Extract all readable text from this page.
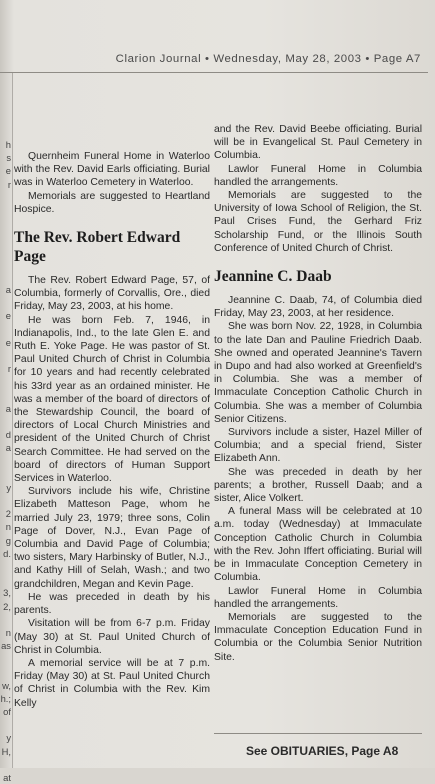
Clarion Journal • Wednesday, May 28, 2003 • Page A7
h
s
e
r
a
e
e
r
a
d
a
y
2
n
g
d.
3,
2,
n
as
w,
h.;
of
y
H,
at

Quernheim Funeral Home in Waterloo with the Rev. David Earls officiating. Burial was in Waterloo Cemetery in Waterloo.

Memorials are suggested to Heartland Hospice.

The Rev. Robert Edward Page

The Rev. Robert Edward Page, 57, of Columbia, formerly of Corvallis, Ore., died Friday, May 23, 2003, at his home.

He was born Feb. 7, 1946, in Indianapolis, Ind., to the late Glen E. and Ruth E. Yoke Page. He was pastor of St. Paul United Church of Christ in Columbia for 10 years and had recently celebrated his 33rd year as an ordained minister. He was a member of the board of directors of the Stewardship Council, the board of directors of Local Church Ministries and president of the United Church of Christ Search Committee. He had served on the board of directors of Human Support Services in Waterloo.

Survivors include his wife, Christine Elizabeth Matteson Page, whom he married July 23, 1979; three sons, Colin Page of Dover, N.J., Evan Page of Columbia and David Page of Columbia; two sisters, Mary Harbinsky of Butler, N.J., and Kathy Hill of Selah, Wash.; and two grandchildren, Megan and Kevin Page.

He was preceded in death by his parents.

Visitation will be from 6-7 p.m. Friday (May 30) at St. Paul United Church of Christ in Columbia.

A memorial service will be at 7 p.m. Friday (May 30) at St. Paul United Church of Christ in Columbia with the Rev. Kim Kelly

and the Rev. David Beebe officiating. Burial will be in Evangelical St. Paul Cemetery in Columbia.

Lawlor Funeral Home in Columbia handled the arrangements.

Memorials are suggested to the University of Iowa School of Religion, the St. Paul Crises Fund, the Gerhard Friz Scholarship Fund, or the Illinois South Conference of United Church of Christ.

Jeannine C. Daab

Jeannine C. Daab, 74, of Columbia died Friday, May 23, 2003, at her residence.

She was born Nov. 22, 1928, in Columbia to the late Dan and Pauline Friedrich Daab. She owned and operated Jeannine's Tavern in Dupo and had also worked at Greenfield's in Columbia. She was a member of Immaculate Conception Catholic Church in Columbia. She was a member of Columbia Senior Citizens.

Survivors include a sister, Hazel Miller of Columbia; and a special friend, Sister Elizabeth Ann.

She was preceded in death by her parents; a brother, Russell Daab; and a sister, Alice Volkert.

A funeral Mass will be celebrated at 10 a.m. today (Wednesday) at Immaculate Conception Catholic Church in Columbia with the Rev. John Iffert officiating. Burial will be in Immaculate Conception Cemetery in Columbia.

Lawlor Funeral Home in Columbia handled the arrangements.

Memorials are suggested to the Immaculate Conception Education Fund in Columbia or the Columbia Senior Nutrition Site.

See OBITUARIES, Page A8
